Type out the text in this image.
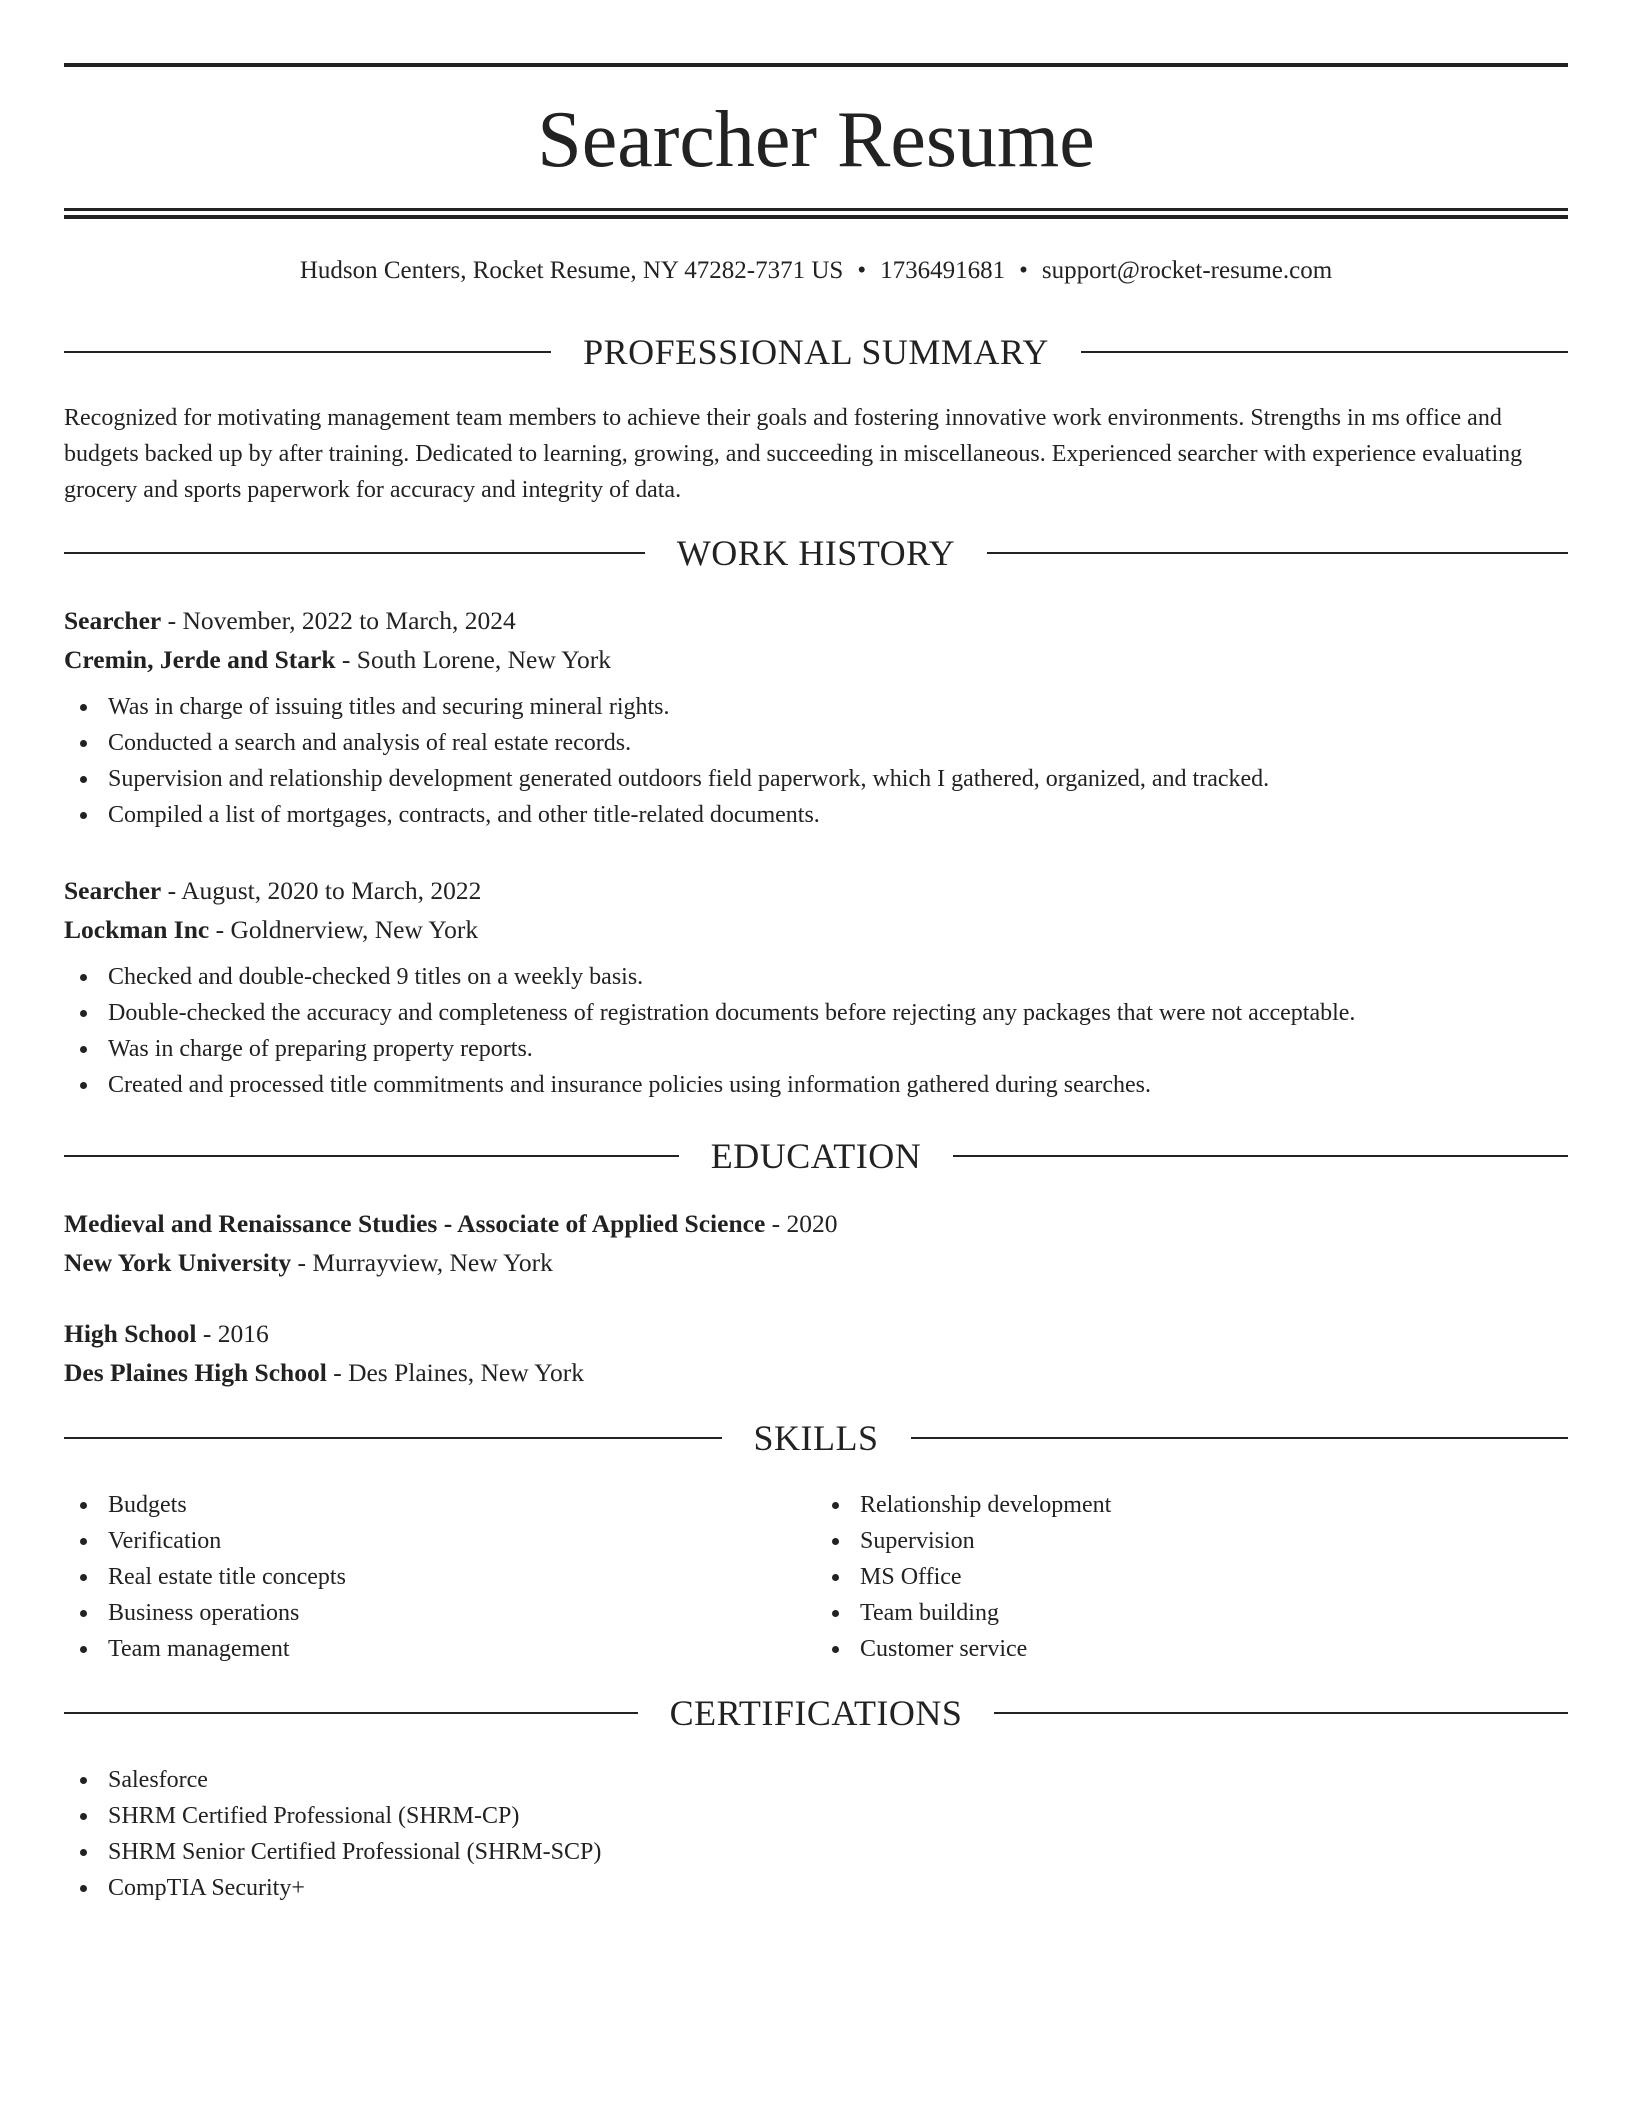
Searcher Resume
Hudson Centers, Rocket Resume, NY 47282-7371 US • 1736491681 • support@rocket-resume.com
PROFESSIONAL SUMMARY

Recognized for motivating management team members to achieve their goals and fostering innovative work environments. Strengths in ms office and budgets backed up by after training. Dedicated to learning, growing, and succeeding in miscellaneous. Experienced searcher with experience evaluating grocery and sports paperwork for accuracy and integrity of data.

WORK HISTORY
Searcher - November, 2022 to March, 2024
Cremin, Jerde and Stark - South Lorene, New York
Was in charge of issuing titles and securing mineral rights.
Conducted a search and analysis of real estate records.
Supervision and relationship development generated outdoors field paperwork, which I gathered, organized, and tracked.
Compiled a list of mortgages, contracts, and other title-related documents.
Searcher - August, 2020 to March, 2022
Lockman Inc - Goldnerview, New York
Checked and double-checked 9 titles on a weekly basis.
Double-checked the accuracy and completeness of registration documents before rejecting any packages that were not acceptable.
Was in charge of preparing property reports.
Created and processed title commitments and insurance policies using information gathered during searches.
EDUCATION
Medieval and Renaissance Studies - Associate of Applied Science - 2020
New York University - Murrayview, New York
High School - 2016
Des Plaines High School - Des Plaines, New York
SKILLS
Budgets
Verification
Real estate title concepts
Business operations
Team management
Relationship development
Supervision
MS Office
Team building
Customer service
CERTIFICATIONS
Salesforce
SHRM Certified Professional (SHRM-CP)
SHRM Senior Certified Professional (SHRM-SCP)
CompTIA Security+
